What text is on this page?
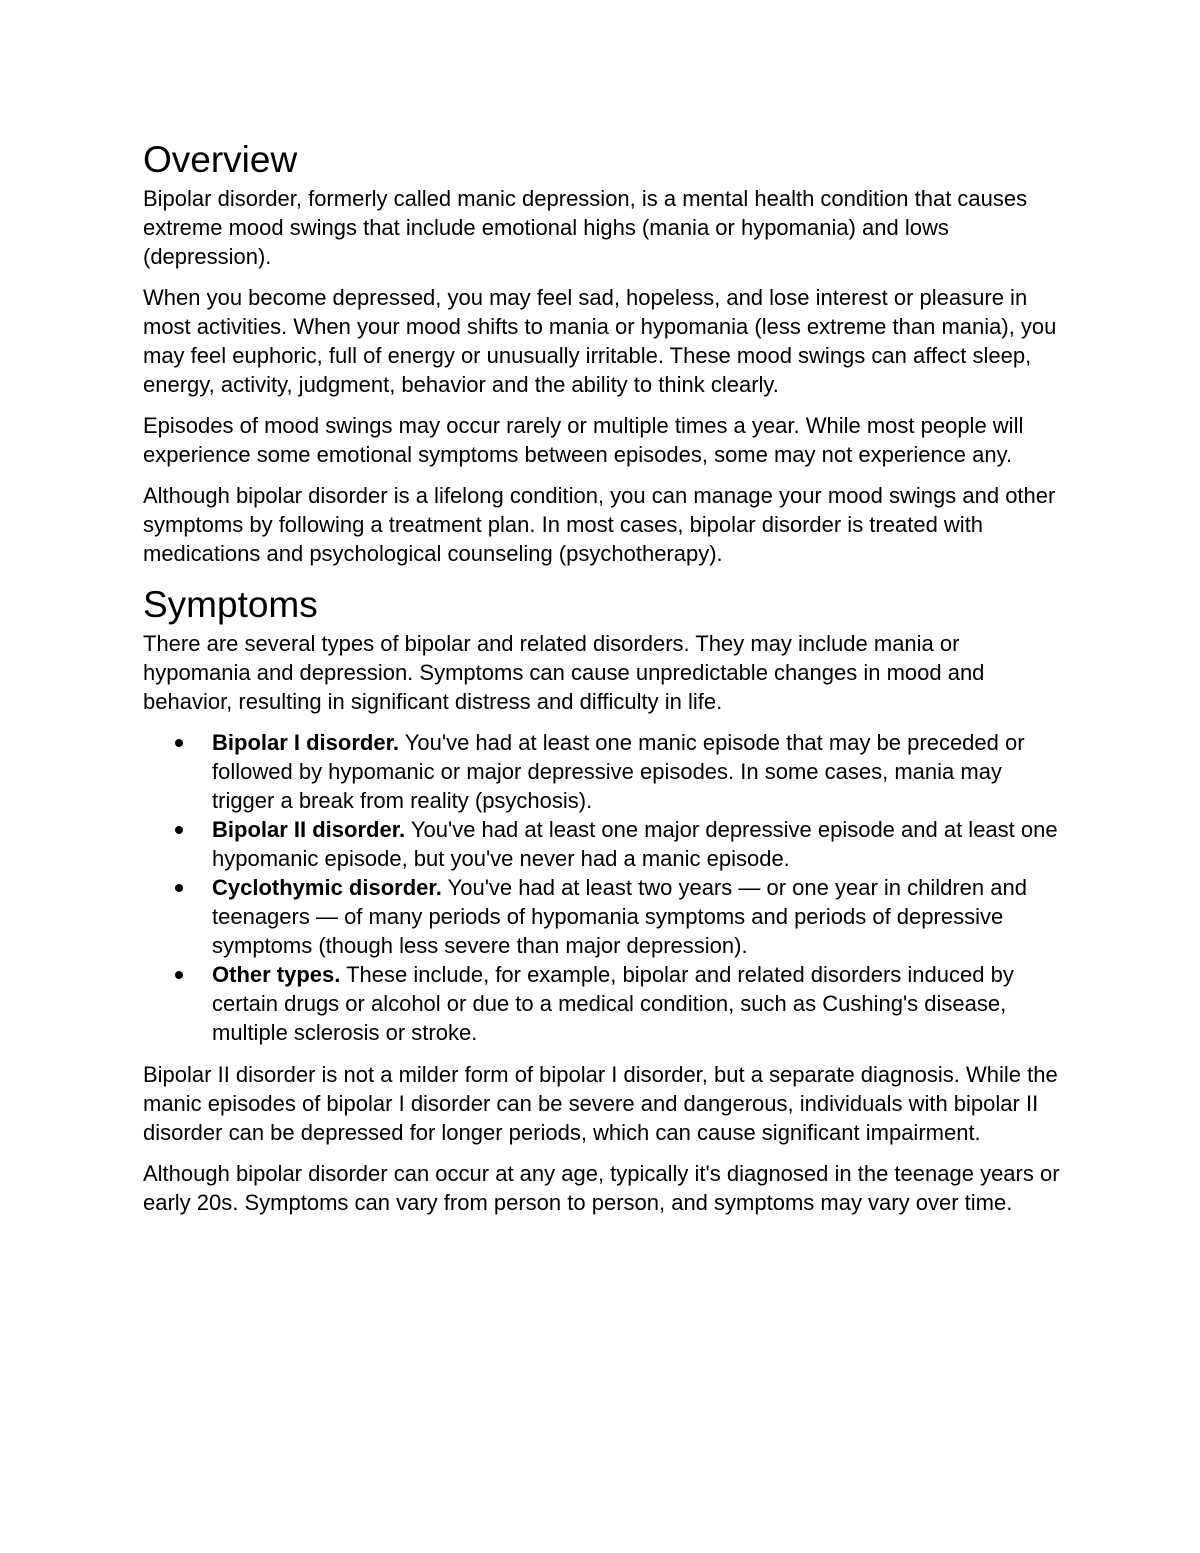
Overview

Bipolar disorder, formerly called manic depression, is a mental health condition that causes extreme mood swings that include emotional highs (mania or hypomania) and lows (depression).

When you become depressed, you may feel sad, hopeless, and lose interest or pleasure in most activities. When your mood shifts to mania or hypomania (less extreme than mania), you may feel euphoric, full of energy or unusually irritable. These mood swings can affect sleep, energy, activity, judgment, behavior and the ability to think clearly.

Episodes of mood swings may occur rarely or multiple times a year. While most people will experience some emotional symptoms between episodes, some may not experience any.

Although bipolar disorder is a lifelong condition, you can manage your mood swings and other symptoms by following a treatment plan. In most cases, bipolar disorder is treated with medications and psychological counseling (psychotherapy).

Symptoms

There are several types of bipolar and related disorders. They may include mania or hypomania and depression. Symptoms can cause unpredictable changes in mood and behavior, resulting in significant distress and difficulty in life.

Bipolar I disorder. You've had at least one manic episode that may be preceded or followed by hypomanic or major depressive episodes. In some cases, mania may trigger a break from reality (psychosis).
Bipolar II disorder. You've had at least one major depressive episode and at least one hypomanic episode, but you've never had a manic episode.
Cyclothymic disorder. You've had at least two years — or one year in children and teenagers — of many periods of hypomania symptoms and periods of depressive symptoms (though less severe than major depression).
Other types. These include, for example, bipolar and related disorders induced by certain drugs or alcohol or due to a medical condition, such as Cushing's disease, multiple sclerosis or stroke.

Bipolar II disorder is not a milder form of bipolar I disorder, but a separate diagnosis. While the manic episodes of bipolar I disorder can be severe and dangerous, individuals with bipolar II disorder can be depressed for longer periods, which can cause significant impairment.

Although bipolar disorder can occur at any age, typically it's diagnosed in the teenage years or early 20s. Symptoms can vary from person to person, and symptoms may vary over time.
